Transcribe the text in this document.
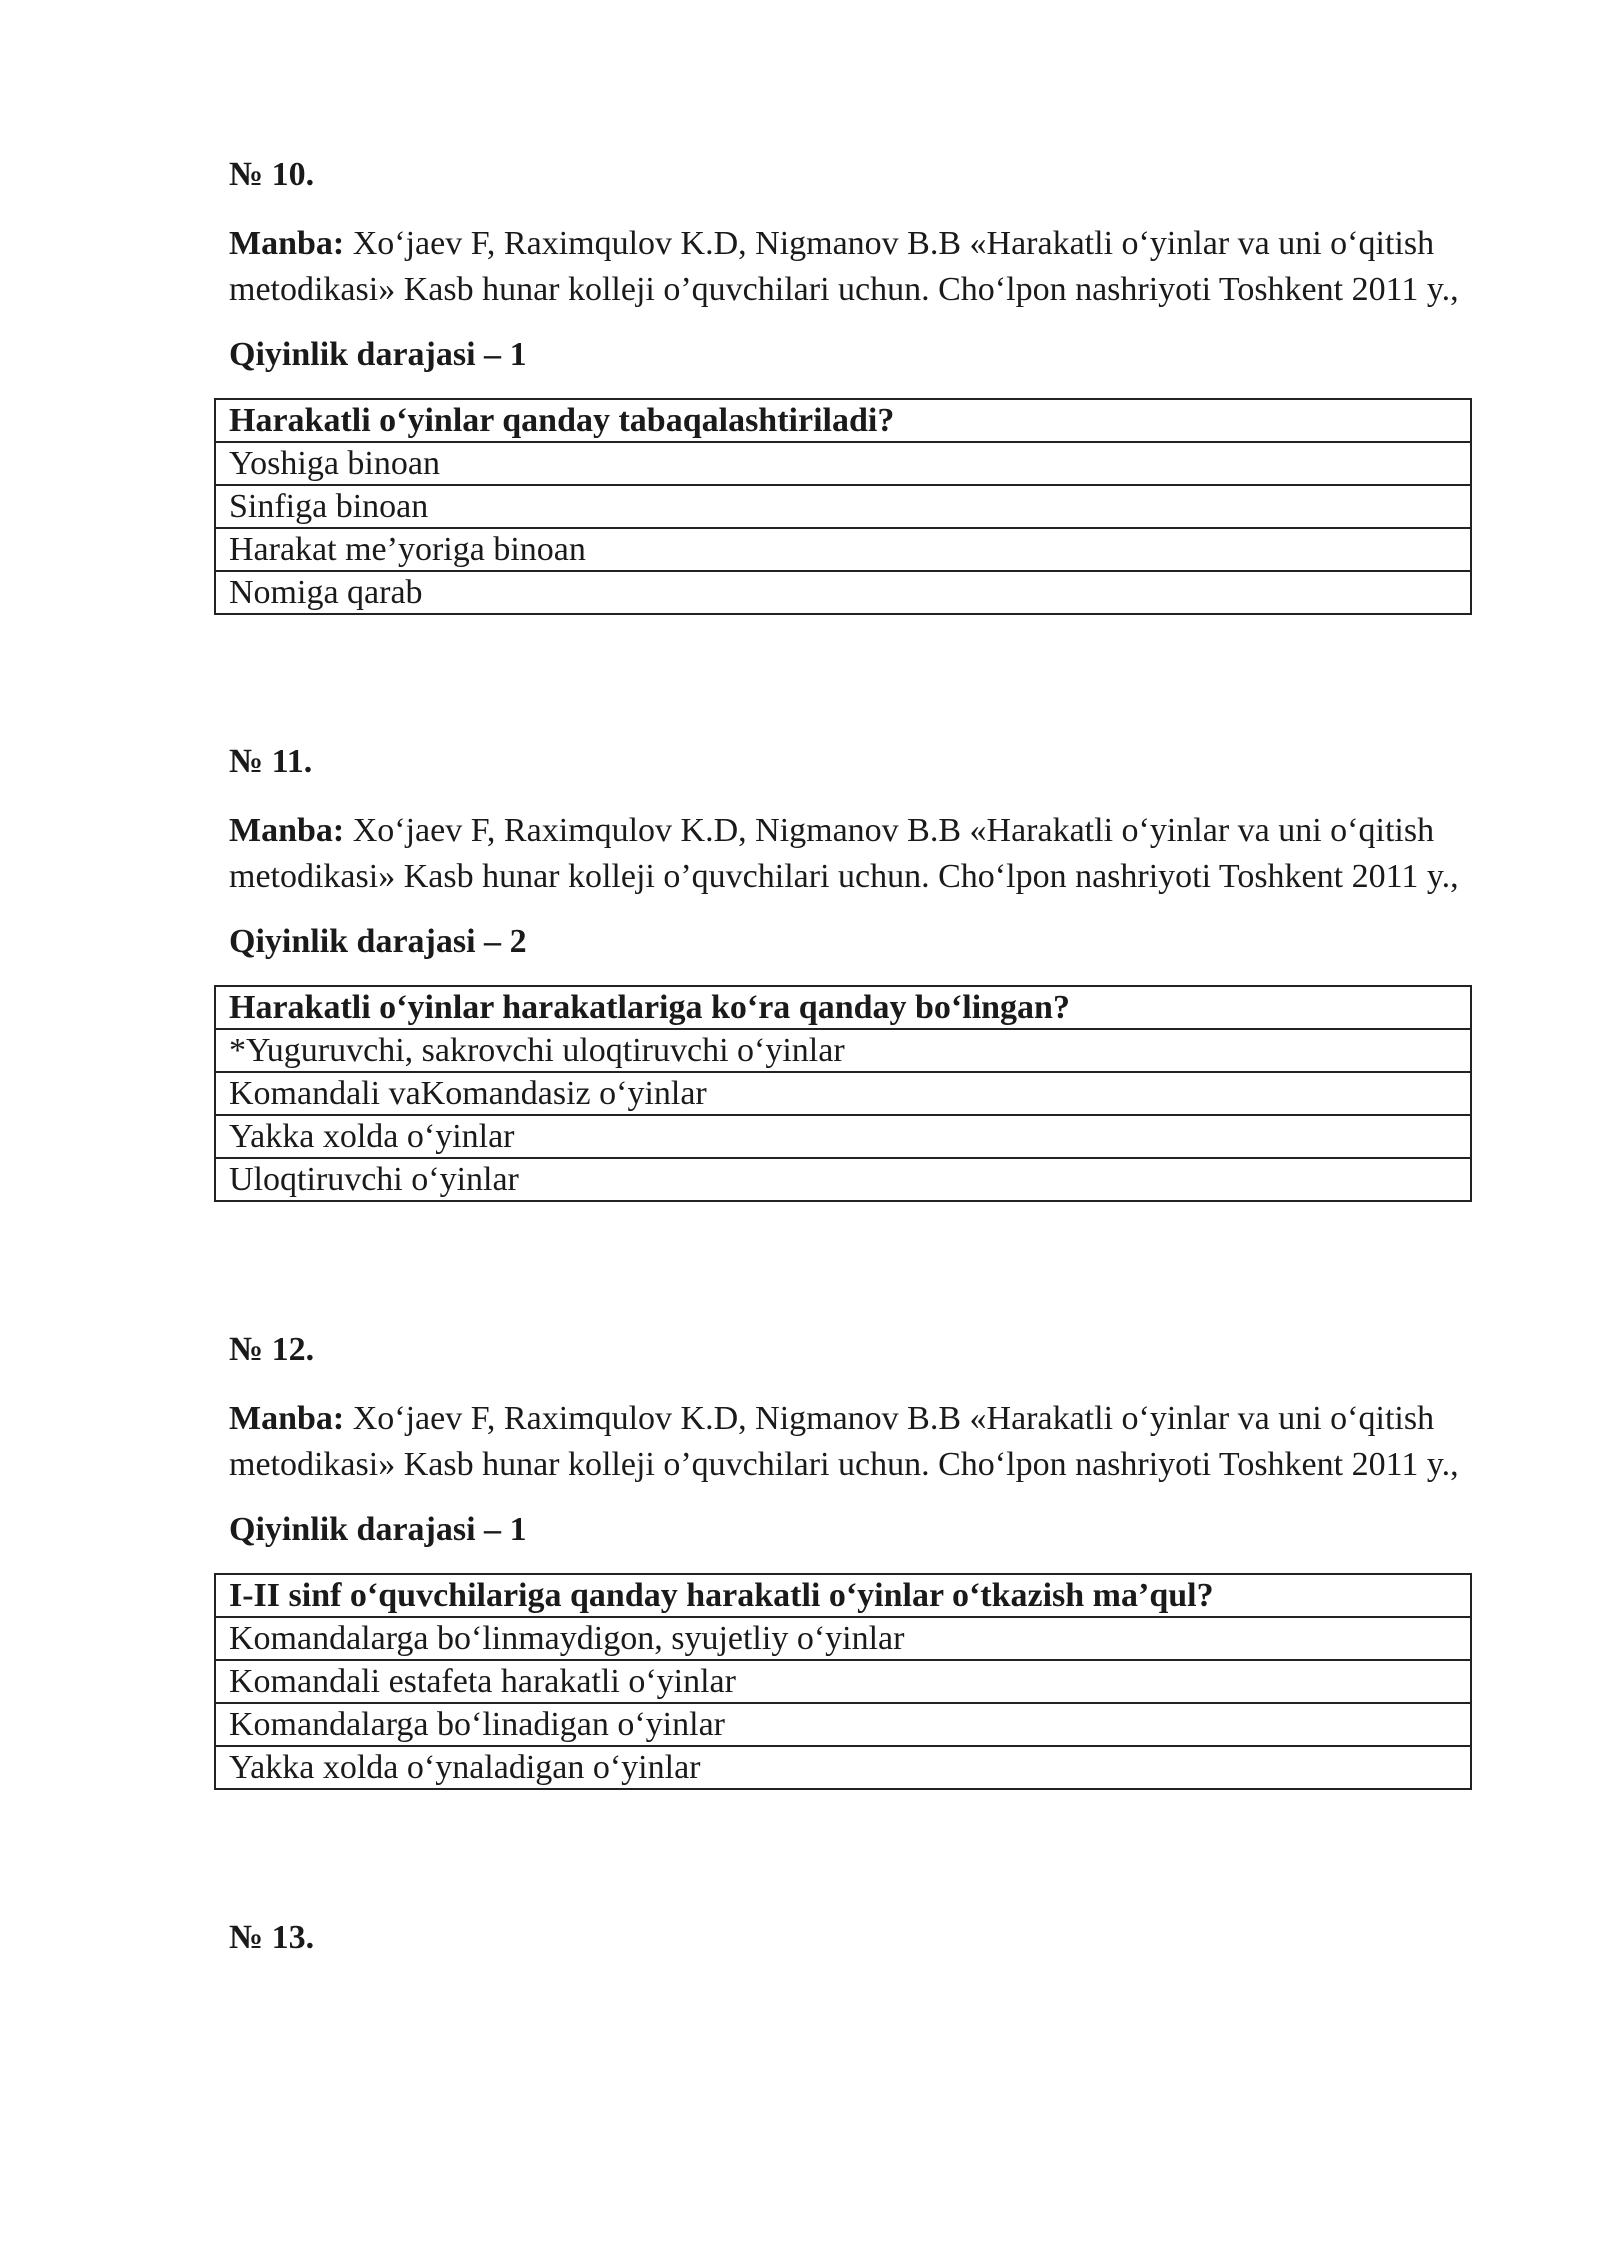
№ 10.

Manba: Xo‘jaev F, Raximqulov K.D, Nigmanov B.B «Harakatli o‘yinlar va uni o‘qitish metodikasi» Kasb hunar kolleji o’quvchilari uchun. Cho‘lpon nashriyoti Toshkent 2011 y.,

Qiyinlik darajasi – 1

Harakatli o‘yinlar qanday tabaqalashtiriladi?
Yoshiga binoan
Sinfiga binoan
Harakat me’yoriga binoan
Nomiga qarab

№ 11.

Manba: Xo‘jaev F, Raximqulov K.D, Nigmanov B.B «Harakatli o‘yinlar va uni o‘qitish metodikasi» Kasb hunar kolleji o’quvchilari uchun. Cho‘lpon nashriyoti Toshkent 2011 y.,

Qiyinlik darajasi – 2

Harakatli o‘yinlar harakatlariga ko‘ra qanday bo‘lingan?
*Yuguruvchi, sakrovchi uloqtiruvchi o‘yinlar
Komandali vaKomandasiz o‘yinlar
Yakka xolda o‘yinlar
Uloqtiruvchi o‘yinlar

№ 12.

Manba: Xo‘jaev F, Raximqulov K.D, Nigmanov B.B «Harakatli o‘yinlar va uni o‘qitish metodikasi» Kasb hunar kolleji o’quvchilari uchun. Cho‘lpon nashriyoti Toshkent 2011 y.,

Qiyinlik darajasi – 1

I-II sinf o‘quvchilariga qanday harakatli o‘yinlar o‘tkazish ma’qul?
Komandalarga bo‘linmaydigon, syujetliy o‘yinlar
Komandali estafeta harakatli o‘yinlar
Komandalarga bo‘linadigan o‘yinlar
Yakka xolda o‘ynaladigan o‘yinlar

№ 13.
